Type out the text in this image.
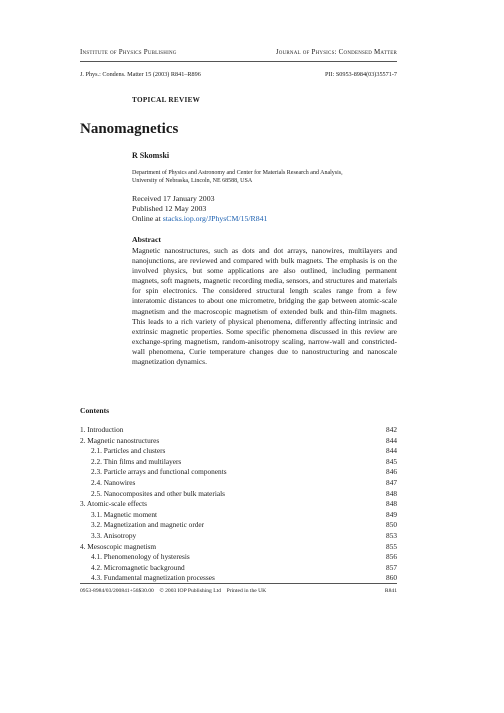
Institute of Physics Publishing	Journal of Physics: Condensed Matter
J. Phys.: Condens. Matter 15 (2003) R841–R896	PII: S0953-8984(03)35571-7
TOPICAL REVIEW
Nanomagnetics
R Skomski
Department of Physics and Astronomy and Center for Materials Research and Analysis,
University of Nebraska, Lincoln, NE 68588, USA
Received 17 January 2003
Published 12 May 2003
Online at stacks.iop.org/JPhysCM/15/R841
Abstract

Magnetic nanostructures, such as dots and dot arrays, nanowires, multilayers and nanojunctions, are reviewed and compared with bulk magnets. The emphasis is on the involved physics, but some applications are also outlined, including permanent magnets, soft magnets, magnetic recording media, sensors, and structures and materials for spin electronics. The considered structural length scales range from a few interatomic distances to about one micrometre, bridging the gap between atomic-scale magnetism and the macroscopic magnetism of extended bulk and thin-film magnets. This leads to a rich variety of physical phenomena, differently affecting intrinsic and extrinsic magnetic properties. Some specific phenomena discussed in this review are exchange-spring magnetism, random-anisotropy scaling, narrow-wall and constricted-wall phenomena, Curie temperature changes due to nanostructuring and nanoscale magnetization dynamics.

Contents
1. Introduction	842
2. Magnetic nanostructures	844
2.1. Particles and clusters	844
2.2. Thin films and multilayers	845
2.3. Particle arrays and functional components	846
2.4. Nanowires	847
2.5. Nanocomposites and other bulk materials	848
3. Atomic-scale effects	848
3.1. Magnetic moment	849
3.2. Magnetization and magnetic order	850
3.3. Anisotropy	853
4. Mesoscopic magnetism	855
4.1. Phenomenology of hysteresis	856
4.2. Micromagnetic background	857
4.3. Fundamental magnetization processes	860
0953-8984/03/200841+56$30.00 © 2003 IOP Publishing Ltd Printed in the UK	R841
